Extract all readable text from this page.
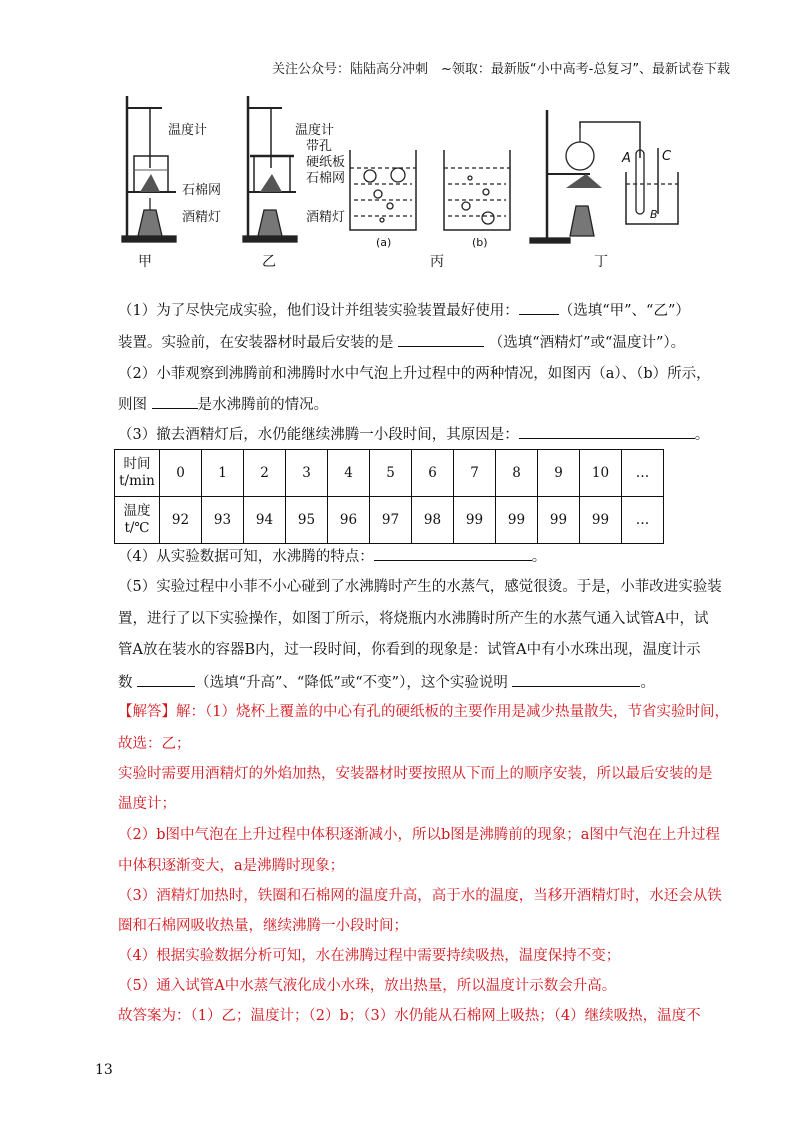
关注公众号：陆陆高分冲刺　~领取：最新版“小中高考-总复习”、最新试卷下载
温度计
石棉网
酒精灯
温度计
带孔
硬纸板
石棉网
酒精灯
(a)	(b)
A C
B
甲	乙	丙	丁
（1）为了尽快完成实验，他们设计并组装实验装置最好使用：	（选填“甲”、“乙”）
装置。实验前，在安装器材时最后安装的是	（选填“酒精灯”或“温度计”）。
（2）小菲观察到沸腾前和沸腾时水中气泡上升过程中的两种情况，如图丙（a）、（b）所示，
则图	是水沸腾前的情况。
（3）撤去酒精灯后，水仍能继续沸腾一小段时间，其原因是：	。
时间
t/min	0	1	2	3	4	5	6	7	8	9	10	…
温度
t/℃	92	93	94	95	96	97	98	99	99	99	99	…
（4）从实验数据可知，水沸腾的特点：	。
（5）实验过程中小菲不小心碰到了水沸腾时产生的水蒸气，感觉很烫。于是，小菲改进实验装
置，进行了以下实验操作，如图丁所示，将烧瓶内水沸腾时所产生的水蒸气通入试管A中，试
管A放在装水的容器B内，过一段时间，你看到的现象是：试管A中有小水珠出现，温度计示
数	（选填“升高”、“降低”或“不变”），这个实验说明	。
【解答】解：（1）烧杯上覆盖的中心有孔的硬纸板的主要作用是减少热量散失，节省实验时间，
故选：乙；
实验时需要用酒精灯的外焰加热，安装器材时要按照从下而上的顺序安装，所以最后安装的是
温度计；
（2）b图中气泡在上升过程中体积逐渐减小，所以b图是沸腾前的现象；a图中气泡在上升过程
中体积逐渐变大，a是沸腾时现象；
（3）酒精灯加热时，铁圈和石棉网的温度升高，高于水的温度，当移开酒精灯时，水还会从铁
圈和石棉网吸收热量，继续沸腾一小段时间；
（4）根据实验数据分析可知，水在沸腾过程中需要持续吸热，温度保持不变；
（5）通入试管A中水蒸气液化成小水珠，放出热量，所以温度计示数会升高。
故答案为：（1）乙；温度计；（2）b；（3）水仍能从石棉网上吸热；（4）继续吸热，温度不
13
